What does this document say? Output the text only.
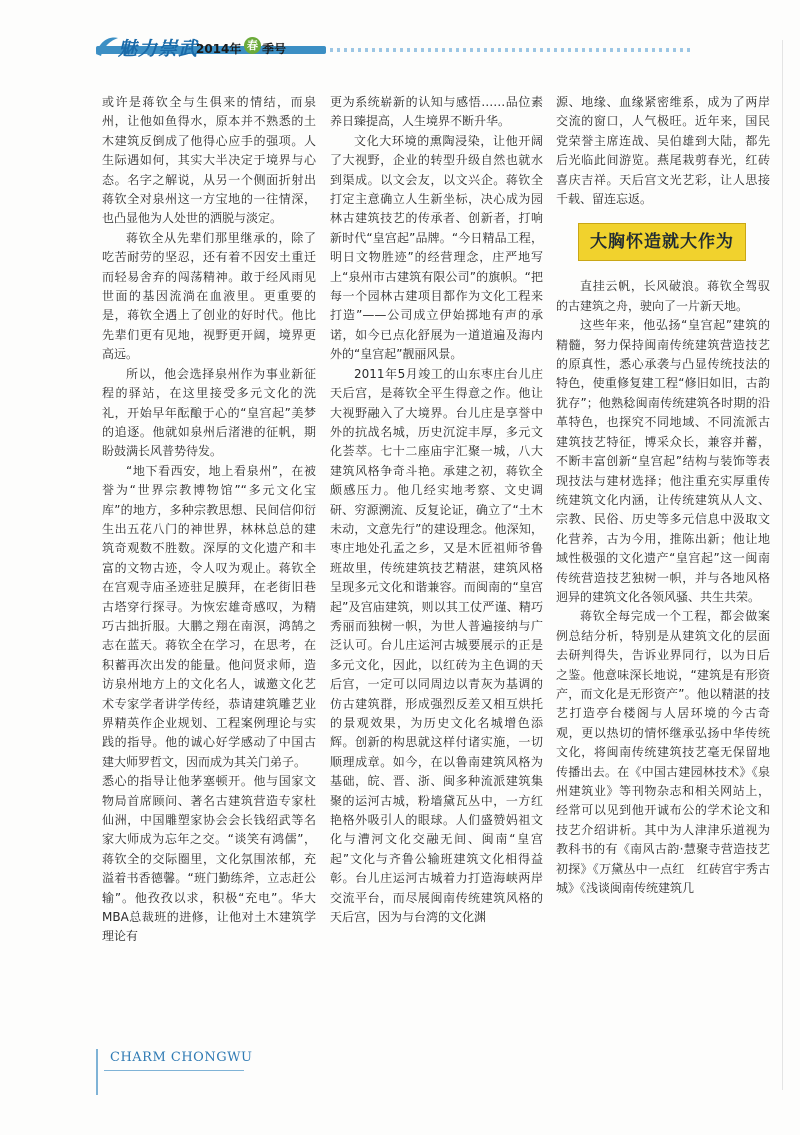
魅力崇武
2014年 春 季号

或许是蒋钦全与生俱来的情结，而泉州，让他如鱼得水，原本并不熟悉的土木建筑反倒成了他得心应手的强项。人生际遇如何，其实大半决定于境界与心态。名字之解说，从另一个侧面折射出蒋钦全对泉州这一方宝地的一往情深，也凸显他为人处世的洒脱与淡定。

蒋钦全从先辈们那里继承的，除了吃苦耐劳的坚忍，还有着不因安土重迁而轻易舍弃的闯荡精神。敢于经风雨见世面的基因流淌在血液里。更重要的是，蒋钦全遇上了创业的好时代。他比先辈们更有见地，视野更开阔，境界更高远。

所以，他会选择泉州作为事业新征程的驿站，在这里接受多元文化的洗礼，开始早年酝酿于心的“皇宫起”美梦的追逐。他就如泉州后渚港的征帆，期盼鼓满长风普势待发。

“地下看西安，地上看泉州”，在被誉为“世界宗教博物馆”“多元文化宝库”的地方，多种宗教思想、民间信仰衍生出五花八门的神世界，林林总总的建筑奇观数不胜数。深厚的文化遗产和丰富的文物古迹，令人叹为观止。蒋钦全在宫观寺庙圣迹驻足膜拜，在老街旧巷古塔穿行探寻。为恢宏雄奇感叹，为精巧古拙折服。大鹏之翔在南溟，鸿鹄之志在蓝天。蒋钦全在学习，在思考，在积蓄再次出发的能量。他问贤求师，造访泉州地方上的文化名人，诚邀文化艺术专家学者讲学传经，恭请建筑雕艺业界精英作企业规划、工程案例理论与实践的指导。他的诚心好学感动了中国古建大师罗哲文，因而成为其关门弟子。

悉心的指导让他茅塞顿开。他与国家文物局首席顾问、著名古建筑营造专家杜仙洲，中国雕塑家协会会长钱绍武等名家大师成为忘年之交。“谈笑有鸿儒”，蒋钦全的交际圈里，文化氛围浓郁，充溢着书香德馨。“班门勤练斧，立志赶公输”。他孜孜以求，积极“充电”。华大MBA总裁班的进修，让他对土木建筑学理论有

更为系统崭新的认知与感悟……品位素养日臻提高，人生境界不断升华。

文化大环境的熏陶浸染，让他开阔了大视野，企业的转型升级自然也就水到渠成。以文会友，以文兴企。蒋钦全打定主意确立人生新坐标，决心成为园林古建筑技艺的传承者、创新者，打响新时代“皇宫起”品牌。“今日精品工程，明日文物胜迹”的经营理念，庄严地写上“泉州市古建筑有限公司”的旗帜。“把每一个园林古建项目都作为文化工程来打造”——公司成立伊始掷地有声的承诺，如今已点化舒展为一道道遍及海内外的“皇宫起”靓丽风景。

2011年5月竣工的山东枣庄台儿庄天后宫，是蒋钦全平生得意之作。他让大视野融入了大境界。台儿庄是享誉中外的抗战名城，历史沉淀丰厚，多元文化荟萃。七十二座庙宇汇聚一城，八大建筑风格争奇斗艳。承建之初，蒋钦全颇感压力。他几经实地考察、文史调研、穷源溯流、反复论证，确立了“土木未动，文意先行”的建设理念。他深知，枣庄地处孔孟之乡，又是木匠祖师爷鲁班故里，传统建筑技艺精湛，建筑风格呈现多元文化和谐兼容。而闽南的“皇宫起”及宫庙建筑，则以其工仗严谨、精巧秀丽而独树一帜，为世人普遍接纳与广泛认可。台儿庄运河古城要展示的正是多元文化，因此，以红砖为主色调的天后宫，一定可以同周边以青灰为基调的仿古建筑群，形成强烈反差又相互烘托的景观效果，为历史文化名城增色添辉。创新的构思就这样付诸实施，一切顺理成章。如今，在以鲁南建筑风格为基础，皖、晋、浙、闽多种流派建筑集聚的运河古城，粉墙黛瓦丛中，一方红艳格外吸引人的眼球。人们盛赞妈祖文化与漕河文化交融无间、闽南“皇宫起”文化与齐鲁公输班建筑文化相得益彰。台儿庄运河古城着力打造海峡两岸交流平台，而尽展闽南传统建筑风格的天后宫，因为与台湾的文化渊

源、地缘、血缘紧密维系，成为了两岸交流的窗口，人气极旺。近年来，国民党荣誉主席连战、吴伯雄到大陆，都先后光临此间游览。燕尾栽剪春光，红砖喜庆吉祥。天后宫文光艺彩，让人思接千载、留连忘返。

大胸怀造就大作为

直挂云帆，长风破浪。蒋钦全驾驭的古建筑之舟，驶向了一片新天地。

这些年来，他弘扬“皇宫起”建筑的精髓，努力保持闽南传统建筑营造技艺的原真性，悉心承袭与凸显传统技法的特色，使重修复建工程“修旧如旧，古韵犹存”；他熟稔闽南传统建筑各时期的沿革特色，也探究不同地域、不同流派古建筑技艺特征，博采众长，兼容并蓄，不断丰富创新“皇宫起”结构与装饰等表现技法与建材选择；他注重充实厚重传统建筑文化内涵，让传统建筑从人文、宗教、民俗、历史等多元信息中汲取文化营养，古为今用，推陈出新；他让地域性极强的文化遗产“皇宫起”这一闽南传统营造技艺独树一帜，并与各地风格迥异的建筑文化各领风骚、共生共荣。

蒋钦全每完成一个工程，都会做案例总结分析，特别是从建筑文化的层面去研判得失，告诉业界同行，以为日后之鉴。他意味深长地说，“建筑是有形资产，而文化是无形资产”。他以精湛的技艺打造亭台楼阁与人居环境的今古奇观，更以热切的情怀继承弘扬中华传统文化，将闽南传统建筑技艺毫无保留地传播出去。在《中国古建园林技术》《泉州建筑业》等刊物杂志和相关网站上，经常可以见到他开诚布公的学术论文和技艺介绍讲析。其中为人津津乐道视为教科书的有《南风古韵·慧聚寺营造技艺初探》《万黛丛中一点红　红砖宫宇秀古城》《浅谈闽南传统建筑几

CHARM CHONGWU
